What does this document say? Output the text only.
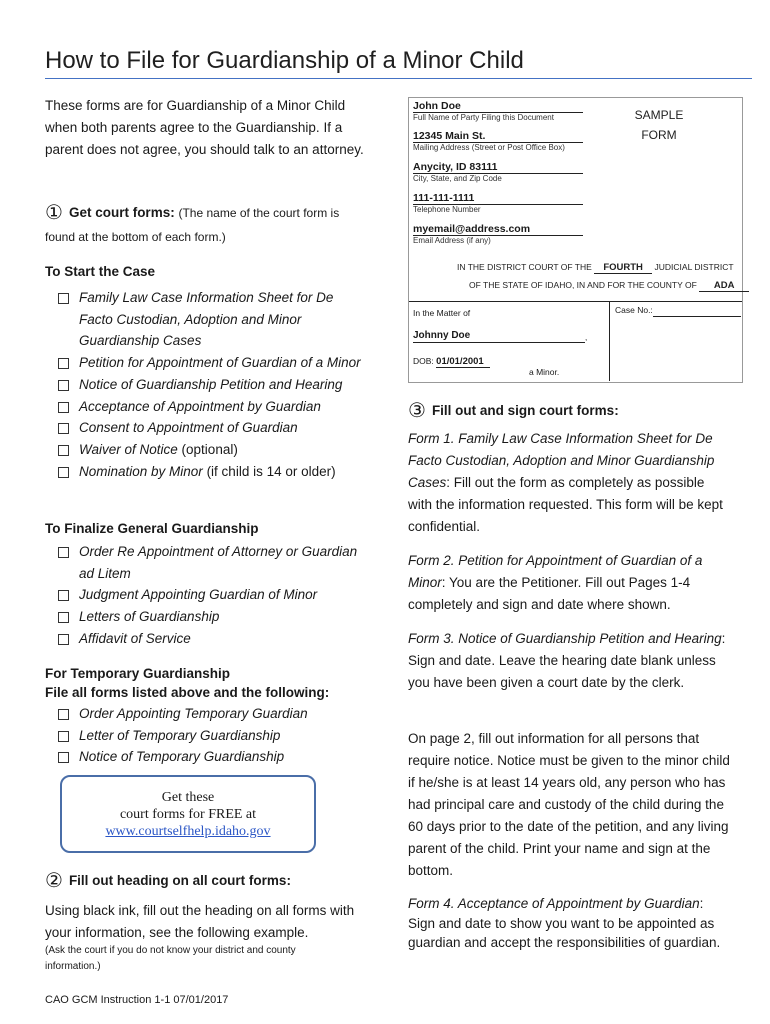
How to File for Guardianship of a Minor Child
These forms are for Guardianship of a Minor Child when both parents agree to the Guardianship. If a parent does not agree, you should talk to an attorney.
① Get court forms: (The name of the court form is found at the bottom of each form.)
To Start the Case
Family Law Case Information Sheet for De Facto Custodian, Adoption and Minor Guardianship Cases
Petition for Appointment of Guardian of a Minor
Notice of Guardianship Petition and Hearing
Acceptance of Appointment by Guardian
Consent to Appointment of Guardian
Waiver of Notice (optional)
Nomination by Minor (if child is 14 or older)
To Finalize General Guardianship
Order Re Appointment of Attorney or Guardian ad Litem
Judgment Appointing Guardian of Minor
Letters of Guardianship
Affidavit of Service
For Temporary Guardianship
File all forms listed above and the following:
Order Appointing Temporary Guardian
Letter of Temporary Guardianship
Notice of Temporary Guardianship
Get these
court forms for FREE at
www.courtselfhelp.idaho.gov
② Fill out heading on all court forms:
Using black ink, fill out the heading on all forms with your information, see the following example.
(Ask the court if you do not know your district and county information.)
CAO GCM Instruction 1-1 07/01/2017
John Doe
Full Name of Party Filing this Document
12345 Main St.
Mailing Address (Street or Post Office Box)
Anycity, ID 83111
City, State, and Zip Code
111-111-1111
Telephone Number
myemail@address.com
Email Address (if any)
SAMPLE
FORM
IN THE DISTRICT COURT OF THE FOURTH JUDICIAL DISTRICT
OF THE STATE OF IDAHO, IN AND FOR THE COUNTY OF ADA
In the Matter of	Case No.:
Johnny Doe	,
DOB: 01/01/2001
a Minor.
③ Fill out and sign court forms:
Form 1. Family Law Case Information Sheet for De Facto Custodian, Adoption and Minor Guardianship Cases: Fill out the form as completely as possible with the information requested. This form will be kept confidential.
Form 2. Petition for Appointment of Guardian of a Minor: You are the Petitioner. Fill out Pages 1-4 completely and sign and date where shown.
Form 3. Notice of Guardianship Petition and Hearing: Sign and date. Leave the hearing date blank unless you have been given a court date by the clerk.
On page 2, fill out information for all persons that require notice. Notice must be given to the minor child if he/she is at least 14 years old, any person who has had principal care and custody of the child during the 60 days prior to the date of the petition, and any living parent of the child. Print your name and sign at the bottom.
Form 4. Acceptance of Appointment by Guardian:
Sign and date to show you want to be appointed as guardian and accept the responsibilities of guardian.
